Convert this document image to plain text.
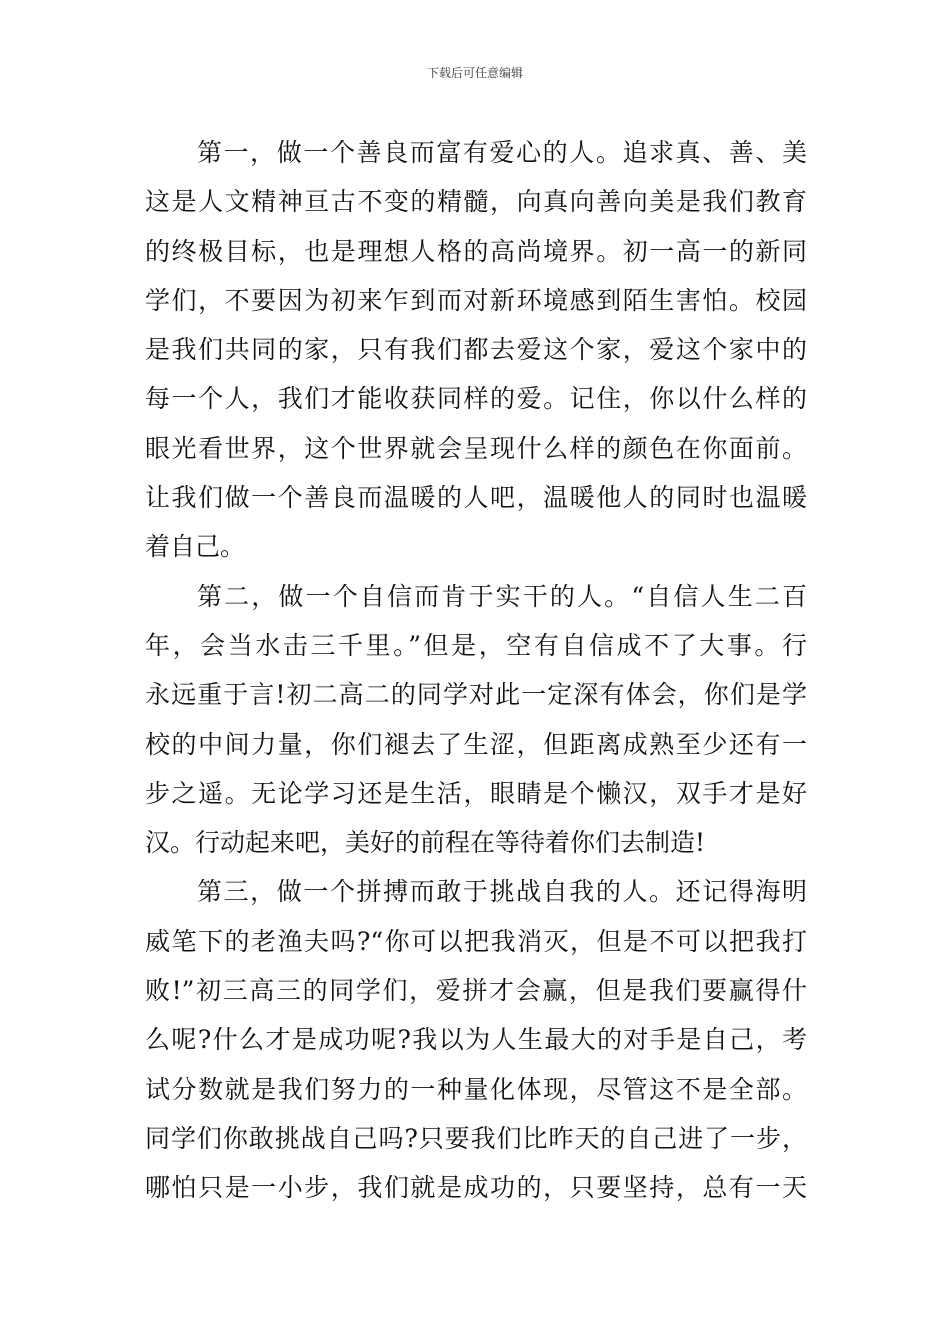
下载后可任意编辑
第一，做一个善良而富有爱心的人。追求真、善、美
这是人文精神亘古不变的精髓，向真向善向美是我们教育
的终极目标，也是理想人格的高尚境界。初一高一的新同
学们，不要因为初来乍到而对新环境感到陌生害怕。校园
是我们共同的家，只有我们都去爱这个家，爱这个家中的
每一个人，我们才能收获同样的爱。记住，你以什么样的
眼光看世界，这个世界就会呈现什么样的颜色在你面前。
让我们做一个善良而温暖的人吧，温暖他人的同时也温暖
着自己。
第二，做一个自信而肯于实干的人。“自信人生二百
年，会当水击三千里。”但是，空有自信成不了大事。行
永远重于言!初二高二的同学对此一定深有体会，你们是学
校的中间力量，你们褪去了生涩，但距离成熟至少还有一
步之遥。无论学习还是生活，眼睛是个懒汉，双手才是好
汉。行动起来吧，美好的前程在等待着你们去制造!
第三，做一个拼搏而敢于挑战自我的人。还记得海明
威笔下的老渔夫吗?“你可以把我消灭，但是不可以把我打
败!”初三高三的同学们，爱拼才会赢，但是我们要赢得什
么呢?什么才是成功呢?我以为人生最大的对手是自己，考
试分数就是我们努力的一种量化体现，尽管这不是全部。
同学们你敢挑战自己吗?只要我们比昨天的自己进了一步，
哪怕只是一小步，我们就是成功的，只要坚持，总有一天
